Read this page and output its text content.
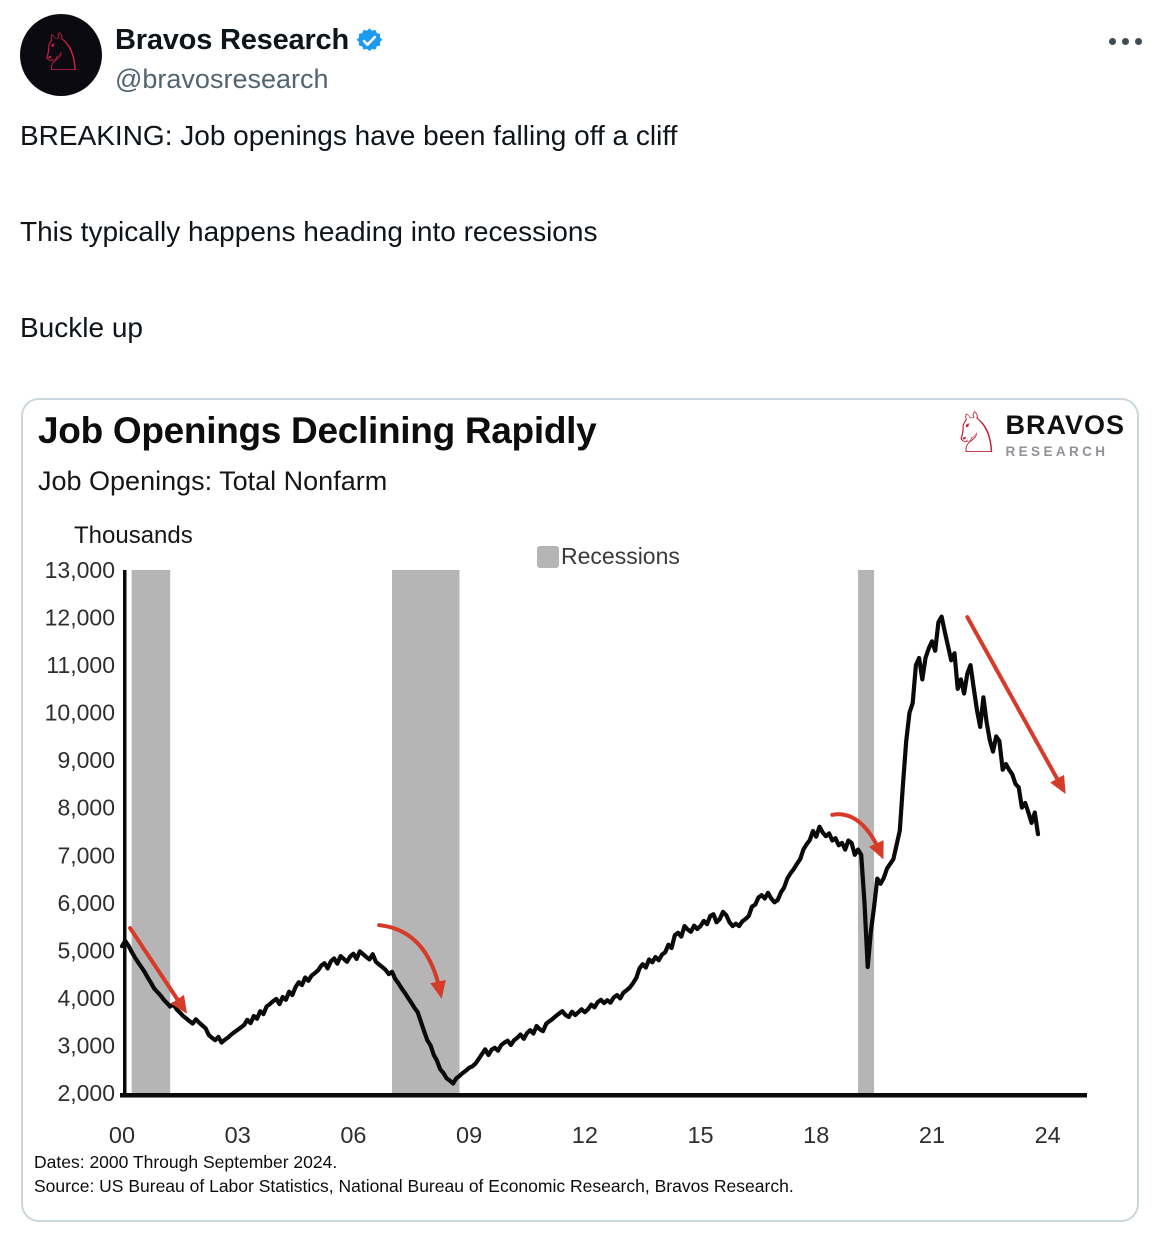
♘ Bravos Research
@bravosresearch

BREAKING: Job openings have been falling off a cliff

This typically happens heading into recessions

Buckle up

13,000
12,000
11,000
10,000
9,000
8,000
7,000
6,000
5,000
4,000
3,000
2,000
00	03	06	09	12	15	18	21	24
Job Openings Declining Rapidly
Job Openings: Total Nonfarm
♘ BRAVOS
RESEARCH
Thousands
Recessions
Dates: 2000 Through September 2024.
Source: US Bureau of Labor Statistics, National Bureau of Economic Research, Bravos Research.
